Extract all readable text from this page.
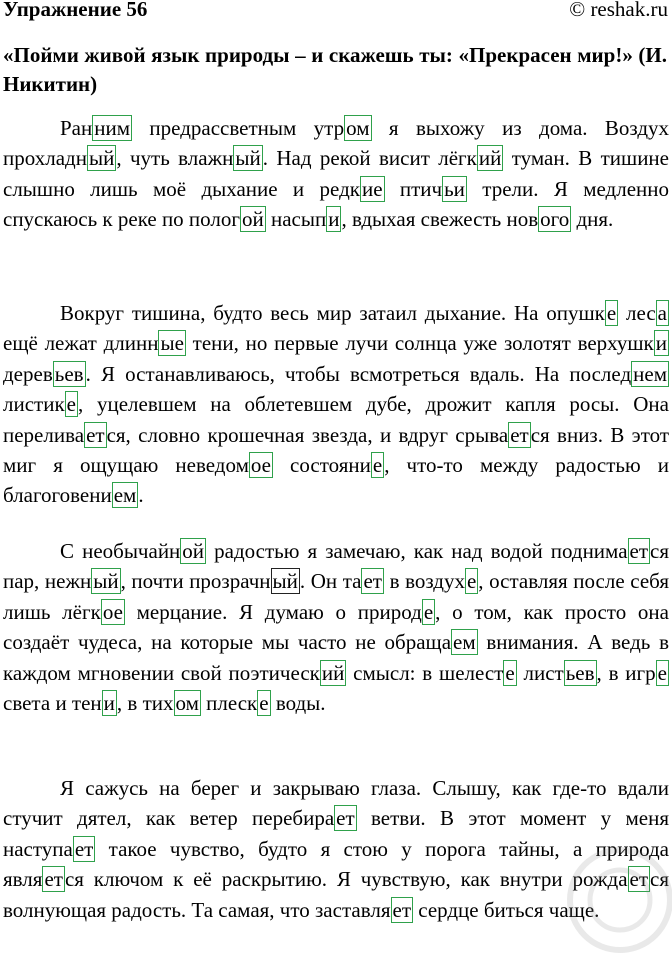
Упражнение 56	© reshak.ru
«Пойми живой язык природы – и скажешь ты: «Прекрасен мир!» (И. Никитин)

Ранним предрассветным утром я выхожу из дома. Воздух прохладный, чуть влажный. Над рекой висит лёгкий туман. В тишине слышно лишь моё дыхание и редкие птичьи трели. Я медленно спускаюсь к реке по пологой насыпи, вдыхая свежесть нового дня.

Вокруг тишина, будто весь мир затаил дыхание. На опушке леса ещё лежат длинные тени, но первые лучи солнца уже золотят верхушки деревьев. Я останавливаюсь, чтобы всмотреться вдаль. На последнем листике, уцелевшем на облетевшем дубе, дрожит капля росы. Она переливается, словно крошечная звезда, и вдруг срывается вниз. В этот миг я ощущаю неведомое состояние, что-то между радостью и благоговением.

С необычайной радостью я замечаю, как над водой поднимается пар, нежный, почти прозрачный. Он тает в воздухе, оставляя после себя лишь лёгкое мерцание. Я думаю о природе, о том, как просто она создаёт чудеса, на которые мы часто не обращаем внимания. А ведь в каждом мгновении свой поэтический смысл: в шелесте листьев, в игре света и тени, в тихом плеске воды.

Я сажусь на берег и закрываю глаза. Слышу, как где-то вдали стучит дятел, как ветер перебирает ветви. В этот момент у меня наступает такое чувство, будто я стою у порога тайны, а природа является ключом к её раскрытию. Я чувствую, как внутри рождается волнующая радость. Та самая, что заставляет сердце биться чаще.
